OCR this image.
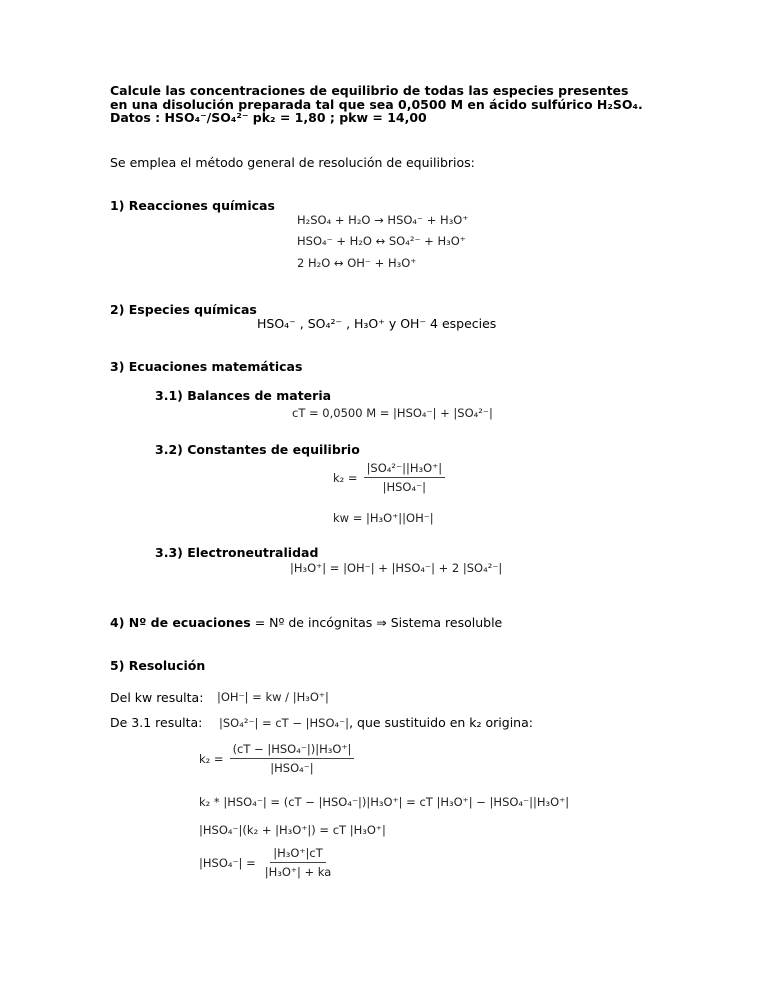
Calcule las concentraciones de equilibrio de todas las especies presentes
en una disolución preparada tal que sea 0,0500 M en ácido sulfúrico H₂SO₄.
Datos : HSO₄⁻/SO₄²⁻ pk₂ = 1,80 ; pkw = 14,00
Se emplea el método general de resolución de equilibrios:
1) Reacciones químicas
H₂SO₄ + H₂O → HSO₄⁻ + H₃O⁺
HSO₄⁻ + H₂O ↔ SO₄²⁻ + H₃O⁺
2 H₂O ↔ OH⁻ + H₃O⁺
2) Especies químicas
HSO₄⁻ , SO₄²⁻ , H₃O⁺ y OH⁻ 4 especies
3) Ecuaciones matemáticas
3.1) Balances de materia
cT = 0,0500 M = |HSO₄⁻| + |SO₄²⁻|
3.2) Constantes de equilibrio
$k_2 = \frac{\text{|SO₄²⁻||H₃O⁺|}}{\text{|HSO₄⁻|}}$
kw = |H₃O⁺||OH⁻|
3.3) Electroneutralidad
|H₃O⁺| = |OH⁻| + |HSO₄⁻| + 2 |SO₄²⁻|
4) Nº de ecuaciones = Nº de incógnitas ⇒ Sistema resoluble
5) Resolución
Del kw resulta: |OH⁻| = kw / |H₃O⁺|
De 3.1 resulta: |SO₄²⁻| = cT − |HSO₄⁻|, que sustituido en k₂ origina:
$k_2 = \frac{\text{(cT − |HSO₄⁻|)|H₃O⁺|}}{\text{|HSO₄⁻|}}$
k₂ * |HSO₄⁻| = (cT − |HSO₄⁻|)|H₃O⁺| = cT |H₃O⁺| − |HSO₄⁻||H₃O⁺|
|HSO₄⁻|(k₂ + |H₃O⁺|) = cT |H₃O⁺|
$|HSO_4^-| = \frac{\text{|H₃O⁺|cT}}{\text{|H₃O⁺| + ka}}$
